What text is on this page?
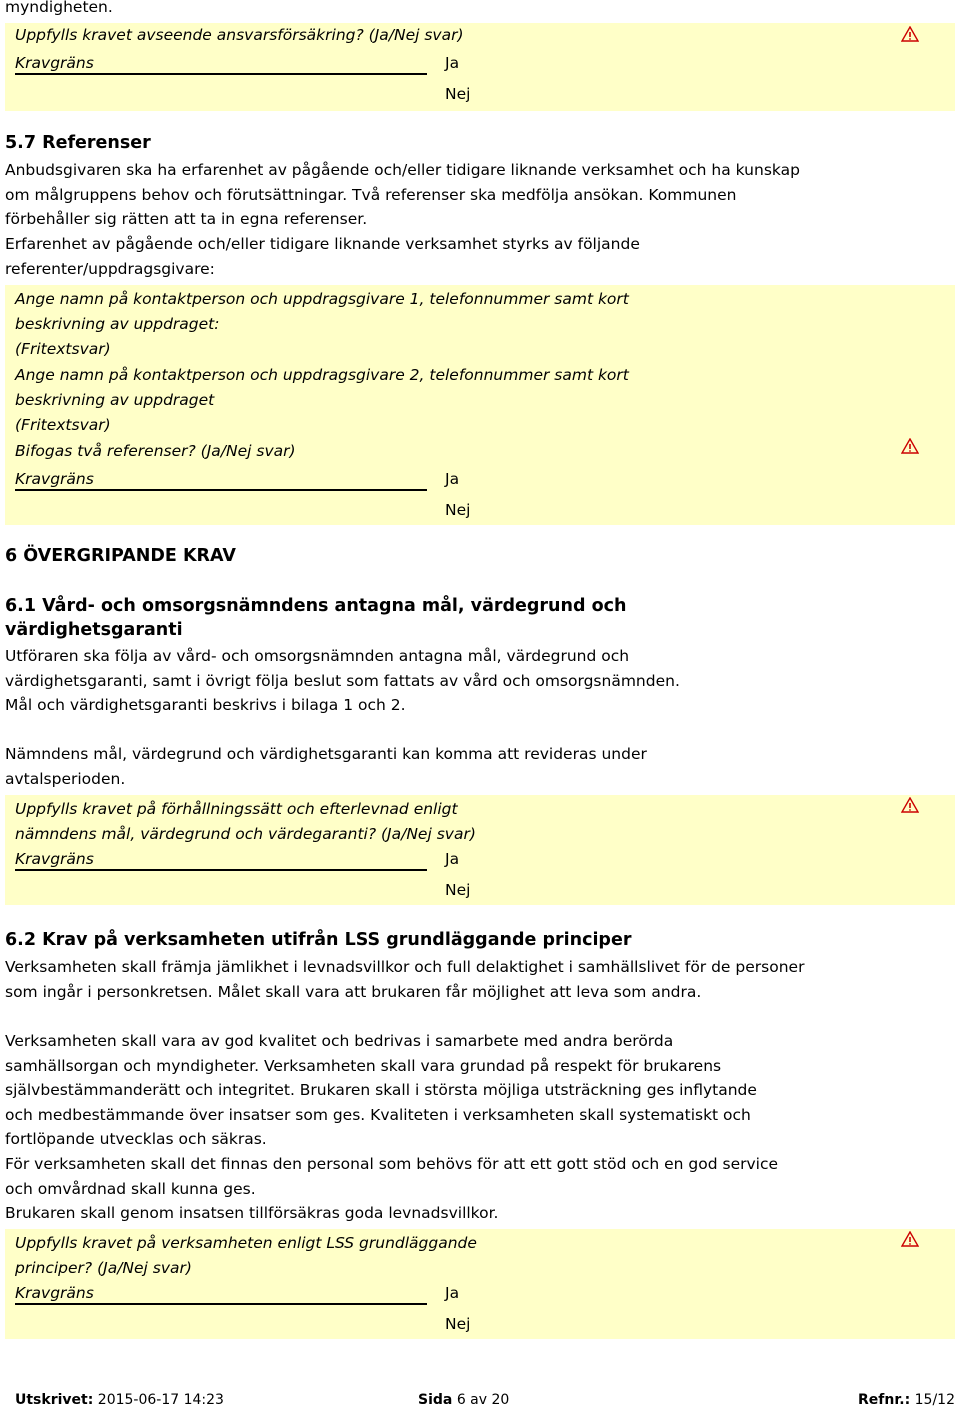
myndigheten.

Uppfylls kravet avseende ansvarsförsäkring? (Ja/Nej svar)

Kravgräns	Ja
Nej
5.7 Referenser

Anbudsgivaren ska ha erfarenhet av pågående och/eller tidigare liknande verksamhet och ha kunskap om målgruppens behov och förutsättningar. Två referenser ska medfölja ansökan. Kommunen förbehåller sig rätten att ta in egna referenser.

Erfarenhet av pågående och/eller tidigare liknande verksamhet styrks av följande referenter/uppdragsgivare:

Ange namn på kontaktperson och uppdragsgivare 1, telefonnummer samt kort beskrivning av uppdraget:

(Fritextsvar)

Ange namn på kontaktperson och uppdragsgivare 2, telefonnummer samt kort beskrivning av uppdraget

(Fritextsvar)

Bifogas två referenser? (Ja/Nej svar)

Kravgräns	Ja
Nej
6 ÖVERGRIPANDE KRAV
6.1 Vård- och omsorgsnämndens antagna mål, värdegrund och värdighetsgaranti

Utföraren ska följa av vård- och omsorgsnämnden antagna mål, värdegrund och värdighetsgaranti, samt i övrigt följa beslut som fattats av vård och omsorgsnämnden.

Mål och värdighetsgaranti beskrivs i bilaga 1 och 2.

Nämndens mål, värdegrund och värdighetsgaranti kan komma att revideras under avtalsperioden.

Uppfylls kravet på förhållningssätt och efterlevnad enligt nämndens mål, värdegrund och värdegaranti? (Ja/Nej svar)

Kravgräns	Ja
Nej
6.2 Krav på verksamheten utifrån LSS grundläggande principer

Verksamheten skall främja jämlikhet i levnadsvillkor och full delaktighet i samhällslivet för de personer som ingår i personkretsen. Målet skall vara att brukaren får möjlighet att leva som andra.

Verksamheten skall vara av god kvalitet och bedrivas i samarbete med andra berörda samhällsorgan och myndigheter. Verksamheten skall vara grundad på respekt för brukarens självbestämmanderätt och integritet. Brukaren skall i största möjliga utsträckning ges inflytande och medbestämmande över insatser som ges. Kvaliteten i verksamheten skall systematiskt och fortlöpande utvecklas och säkras.

För verksamheten skall det finnas den personal som behövs för att ett gott stöd och en god service och omvårdnad skall kunna ges.

Brukaren skall genom insatsen tillförsäkras goda levnadsvillkor.

Uppfylls kravet på verksamheten enligt LSS grundläggande principer? (Ja/Nej svar)

Kravgräns	Ja
Nej
Utskrivet: 2015-06-17 14:23	Sida 6 av 20	Refnr.: 15/12
